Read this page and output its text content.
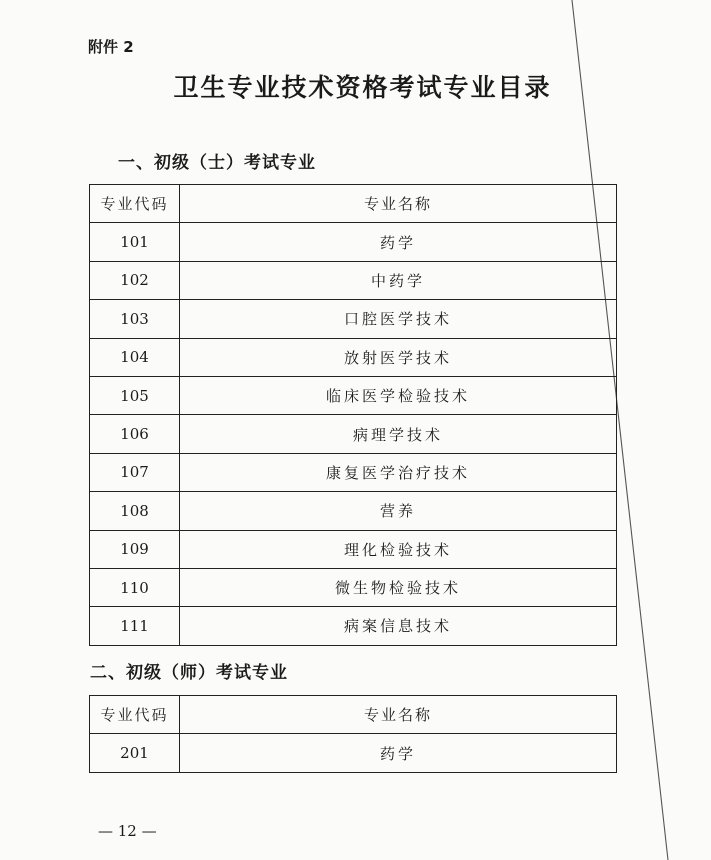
附件 2
卫生专业技术资格考试专业目录
一、初级（士）考试专业
专业代码	专业名称
101	药学
102	中药学
103	口腔医学技术
104	放射医学技术
105	临床医学检验技术
106	病理学技术
107	康复医学治疗技术
108	营养
109	理化检验技术
110	微生物检验技术
111	病案信息技术
二、初级（师）考试专业
专业代码	专业名称
201	药学
— 12 —
